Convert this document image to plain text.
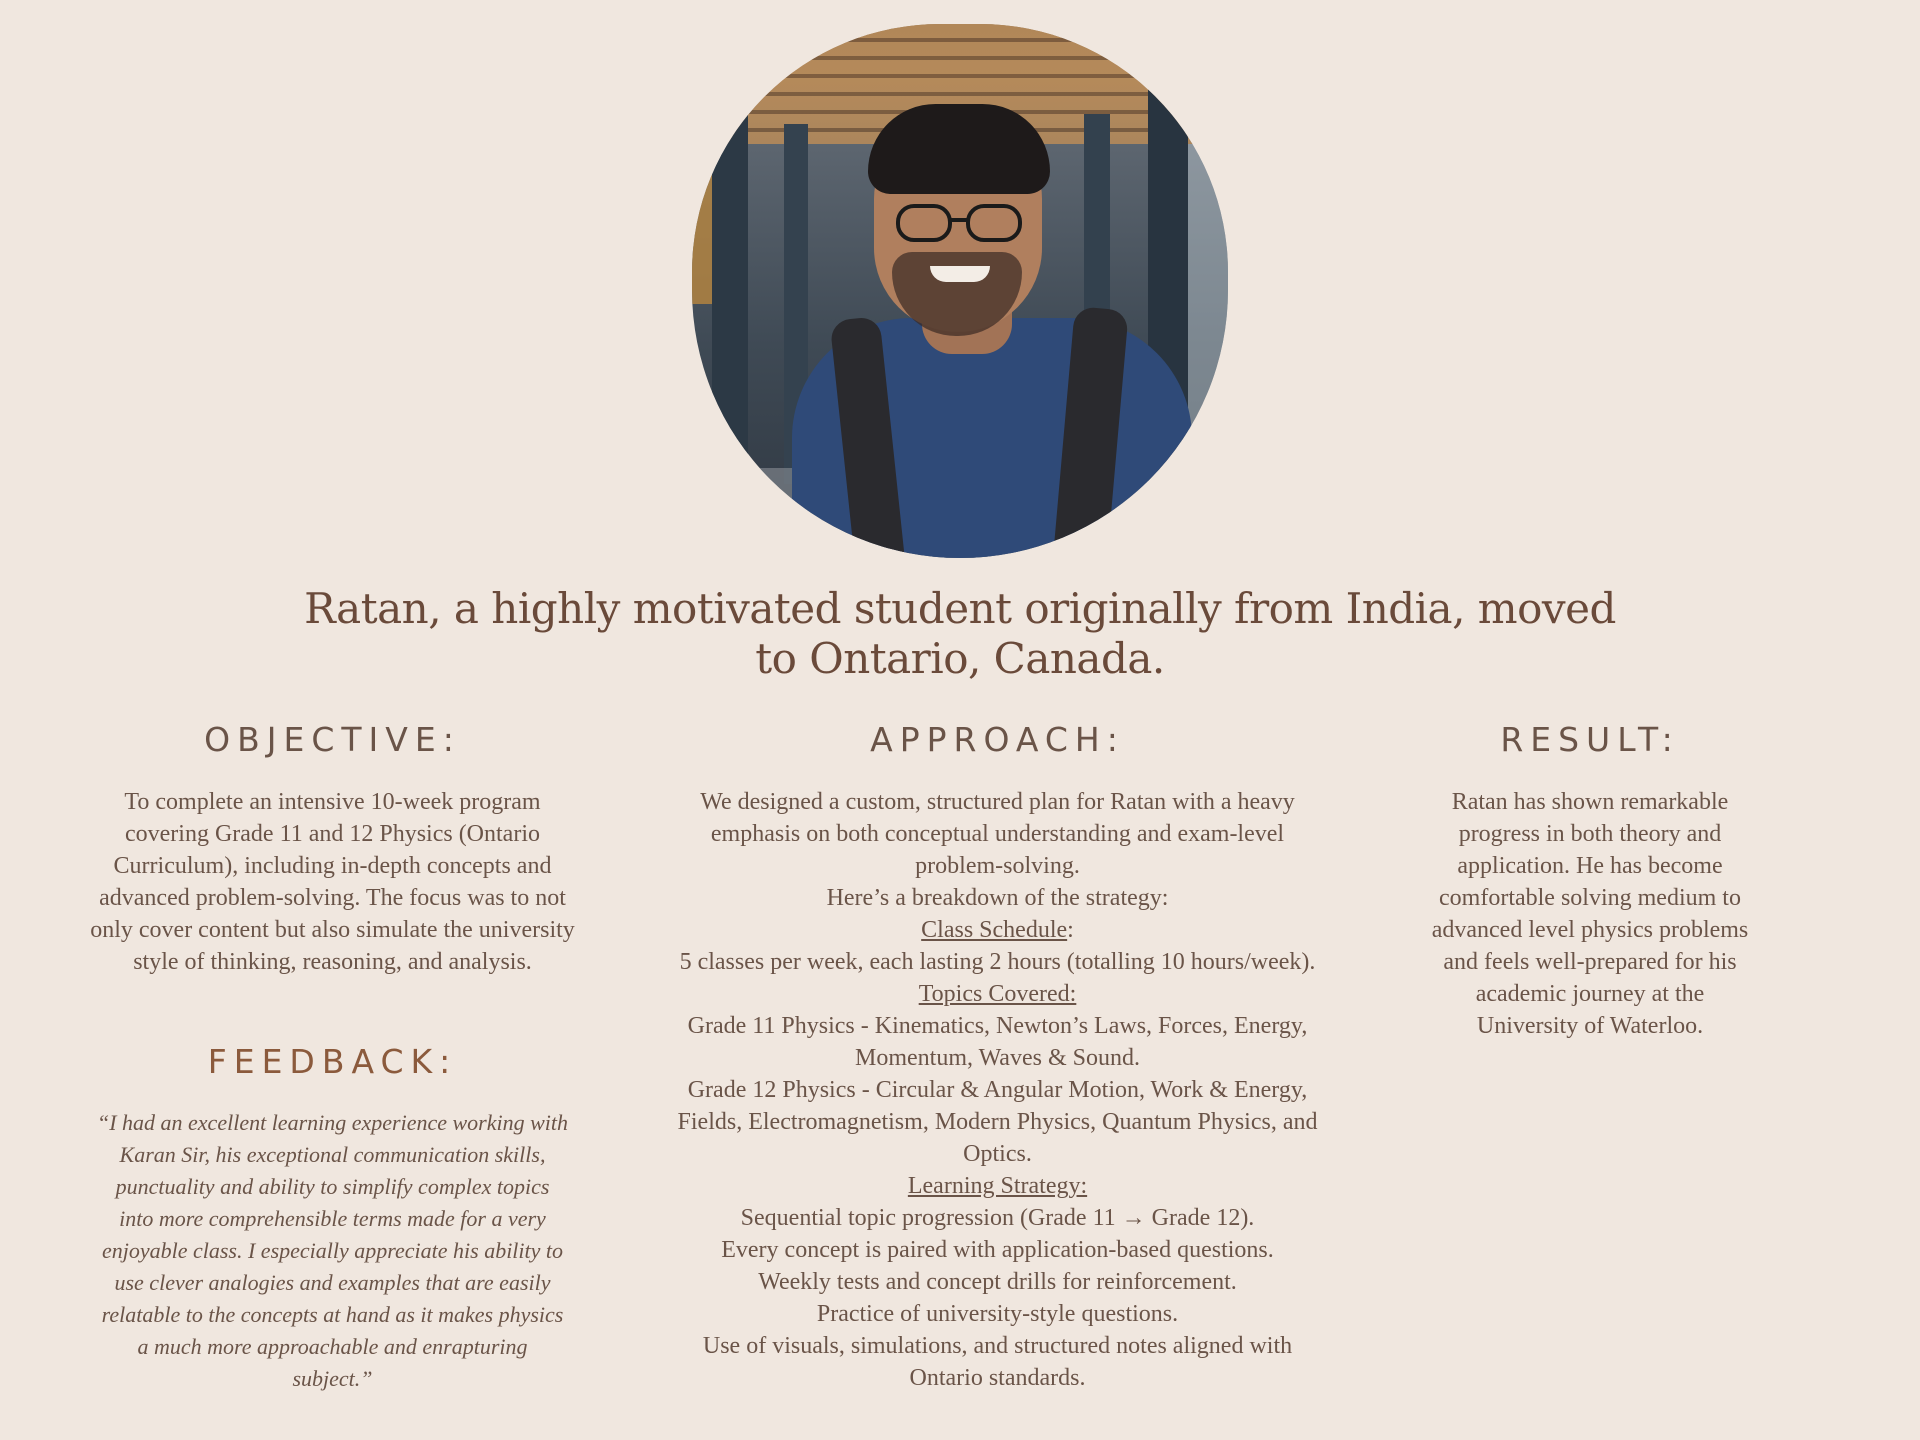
Ratan, a highly motivated student originally from India, moved
to Ontario, Canada.
OBJECTIVE:
To complete an intensive 10-week program
covering Grade 11 and 12 Physics (Ontario
Curriculum), including in-depth concepts and
advanced problem-solving. The focus was to not
only cover content but also simulate the university
style of thinking, reasoning, and analysis.
FEEDBACK:
“I had an excellent learning experience working with
Karan Sir, his exceptional communication skills,
punctuality and ability to simplify complex topics
into more comprehensible terms made for a very
enjoyable class. I especially appreciate his ability to
use clever analogies and examples that are easily
relatable to the concepts at hand as it makes physics
a much more approachable and enrapturing
subject.”
APPROACH:
We designed a custom, structured plan for Ratan with a heavy
emphasis on both conceptual understanding and exam-level
problem-solving.
Here’s a breakdown of the strategy:
Class Schedule:
5 classes per week, each lasting 2 hours (totalling 10 hours/week).
Topics Covered:
Grade 11 Physics - Kinematics, Newton’s Laws, Forces, Energy,
Momentum, Waves & Sound.
Grade 12 Physics - Circular & Angular Motion, Work & Energy,
Fields, Electromagnetism, Modern Physics, Quantum Physics, and
Optics.
Learning Strategy:
Sequential topic progression (Grade 11 → Grade 12).
Every concept is paired with application-based questions.
Weekly tests and concept drills for reinforcement.
Practice of university-style questions.
Use of visuals, simulations, and structured notes aligned with
Ontario standards.
RESULT:
Ratan has shown remarkable
progress in both theory and
application. He has become
comfortable solving medium to
advanced level physics problems
and feels well-prepared for his
academic journey at the
University of Waterloo.
